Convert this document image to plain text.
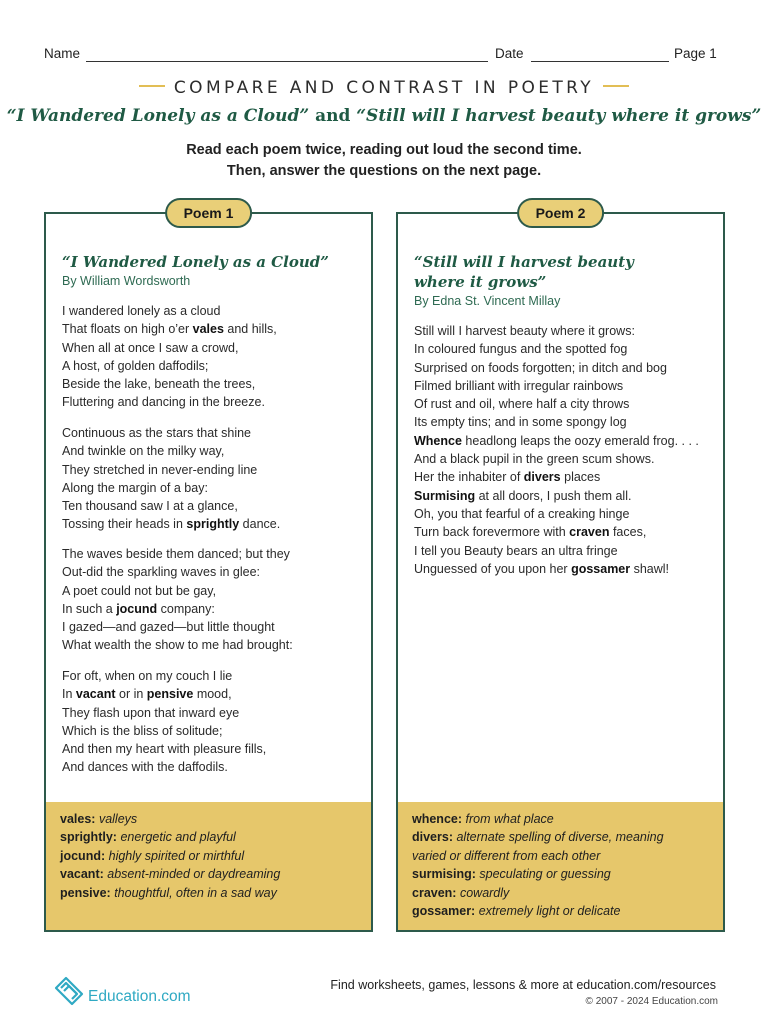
Name	Date	Page 1
COMPARE AND CONTRAST IN POETRY
“I Wandered Lonely as a Cloud” and “Still will I harvest beauty where it grows”
Read each poem twice, reading out loud the second time.
Then, answer the questions on the next page.
Poem 1
“I Wandered Lonely as a Cloud”
By William Wordsworth
I wandered lonely as a cloud
That floats on high o’er vales and hills,
When all at once I saw a crowd,
A host, of golden daffodils;
Beside the lake, beneath the trees,
Fluttering and dancing in the breeze.
Continuous as the stars that shine
And twinkle on the milky way,
They stretched in never-ending line
Along the margin of a bay:
Ten thousand saw I at a glance,
Tossing their heads in sprightly dance.
The waves beside them danced; but they
Out-did the sparkling waves in glee:
A poet could not but be gay,
In such a jocund company:
I gazed—and gazed—but little thought
What wealth the show to me had brought:
For oft, when on my couch I lie
In vacant or in pensive mood,
They flash upon that inward eye
Which is the bliss of solitude;
And then my heart with pleasure fills,
And dances with the daffodils.
vales: valleys
sprightly: energetic and playful
jocund: highly spirited or mirthful
vacant: absent-minded or daydreaming
pensive: thoughtful, often in a sad way
Poem 2
“Still will I harvest beauty where it grows”
By Edna St. Vincent Millay
Still will I harvest beauty where it grows:
In coloured fungus and the spotted fog
Surprised on foods forgotten; in ditch and bog
Filmed brilliant with irregular rainbows
Of rust and oil, where half a city throws
Its empty tins; and in some spongy log
Whence headlong leaps the oozy emerald frog. . . .
And a black pupil in the green scum shows.
Her the inhabiter of divers places
Surmising at all doors, I push them all.
Oh, you that fearful of a creaking hinge
Turn back forevermore with craven faces,
I tell you Beauty bears an ultra fringe
Unguessed of you upon her gossamer shawl!
whence: from what place
divers: alternate spelling of diverse, meaning
varied or different from each other
surmising: speculating or guessing
craven: cowardly
gossamer: extremely light or delicate
Education.com
Find worksheets, games, lessons & more at education.com/resources
© 2007 - 2024 Education.com
